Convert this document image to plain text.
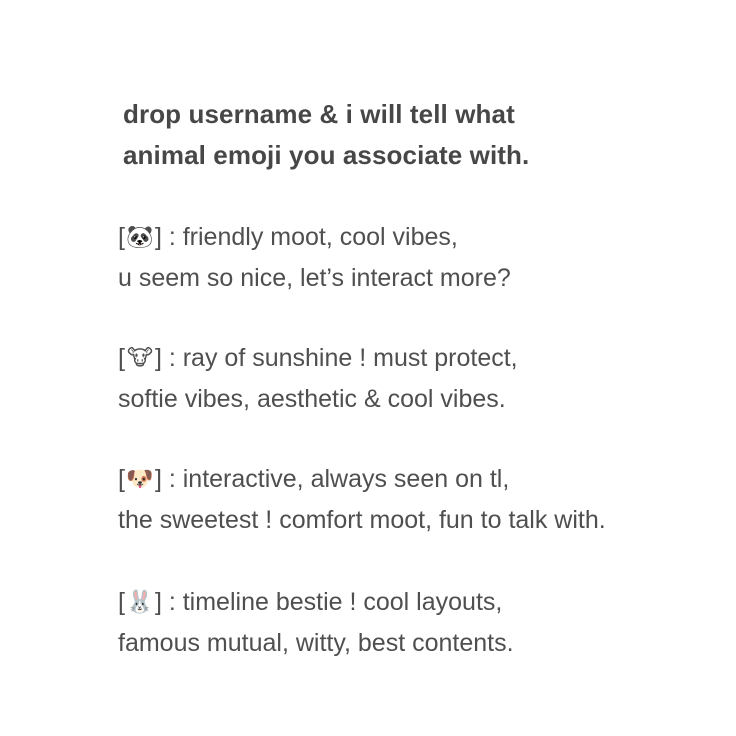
drop username & i will tell what
animal emoji you associate with.
[🐼] : friendly moot, cool vibes,
u seem so nice, let’s interact more?
[🐮] : ray of sunshine ! must protect,
softie vibes, aesthetic & cool vibes.
[🐶] : interactive, always seen on tl,
the sweetest ! comfort moot, fun to talk with.
[🐰] : timeline bestie ! cool layouts,
famous mutual, witty, best contents.
